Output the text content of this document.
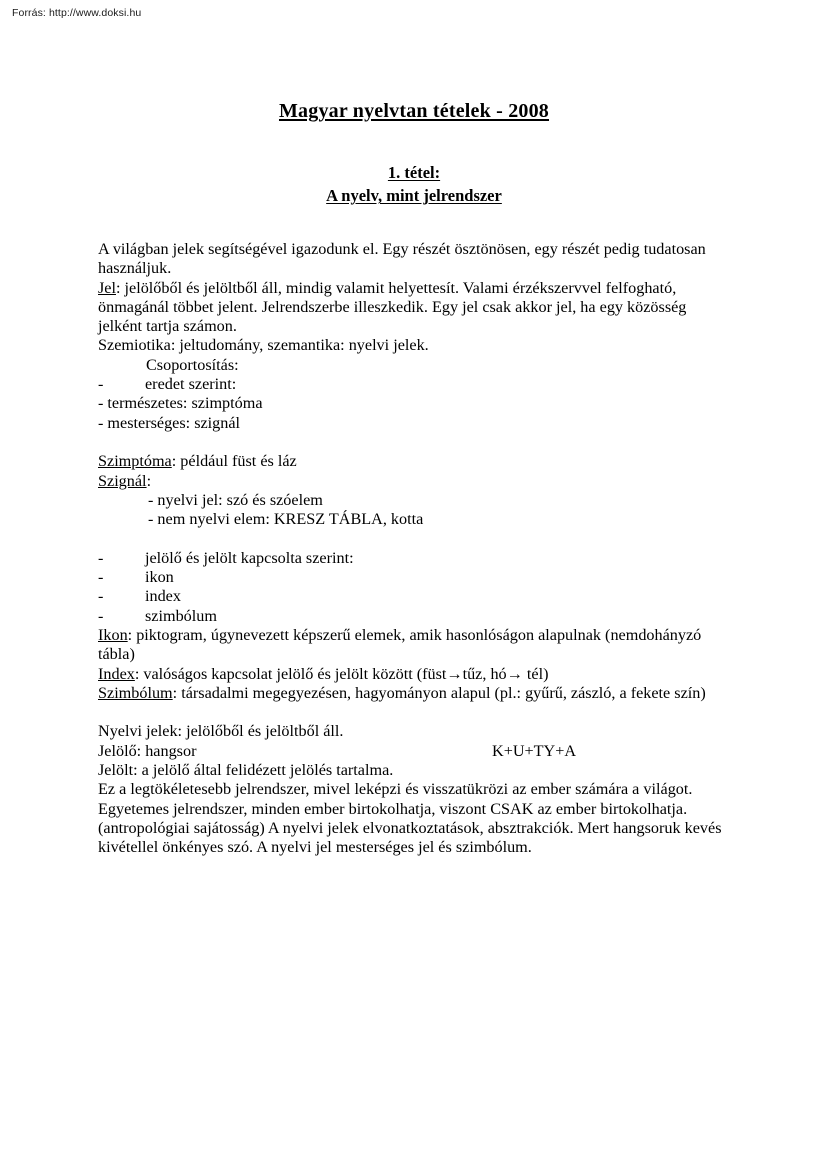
Forrás: http://www.doksi.hu
Magyar nyelvtan tételek - 2008
1. tétel:
A nyelv, mint jelrendszer

A világban jelek segítségével igazodunk el. Egy részét ösztönösen, egy részét pedig tudatosan használjuk.

Jel: jelölőből és jelöltből áll, mindig valamit helyettesít. Valami érzékszervvel felfogható, önmagánál többet jelent. Jelrendszerbe illeszkedik. Egy jel csak akkor jel, ha egy közösség jelként tartja számon.

Szemiotika: jeltudomány, szemantika: nyelvi jelek.

Csoportosítás:

-	eredet szerint:

- természetes: szimptóma

- mesterséges: szignál

Szimptóma: például füst és láz

Szignál:

- nyelvi jel: szó és szóelem

- nem nyelvi elem: KRESZ TÁBLA, kotta

-	jelölő és jelölt kapcsolta szerint:

-	ikon

-	index

-	szimbólum

Ikon: piktogram, úgynevezett képszerű elemek, amik hasonlóságon alapulnak (nemdohányzó tábla)

Index: valóságos kapcsolat jelölő és jelölt között (füst→tűz, hó→ tél)

Szimbólum: társadalmi megegyezésen, hagyományon alapul (pl.: gyűrű, zászló, a fekete szín)

Nyelvi jelek: jelölőből és jelöltből áll.

Jelölő: hangsor	K+U+TY+A

Jelölt: a jelölő által felidézett jelölés tartalma.

Ez a legtökéletesebb jelrendszer, mivel leképzi és visszatükrözi az ember számára a világot. Egyetemes jelrendszer, minden ember birtokolhatja, viszont CSAK az ember birtokolhatja. (antropológiai sajátosság) A nyelvi jelek elvonatkoztatások, absztrakciók. Mert hangsoruk kevés kivétellel önkényes szó. A nyelvi jel mesterséges jel és szimbólum.
